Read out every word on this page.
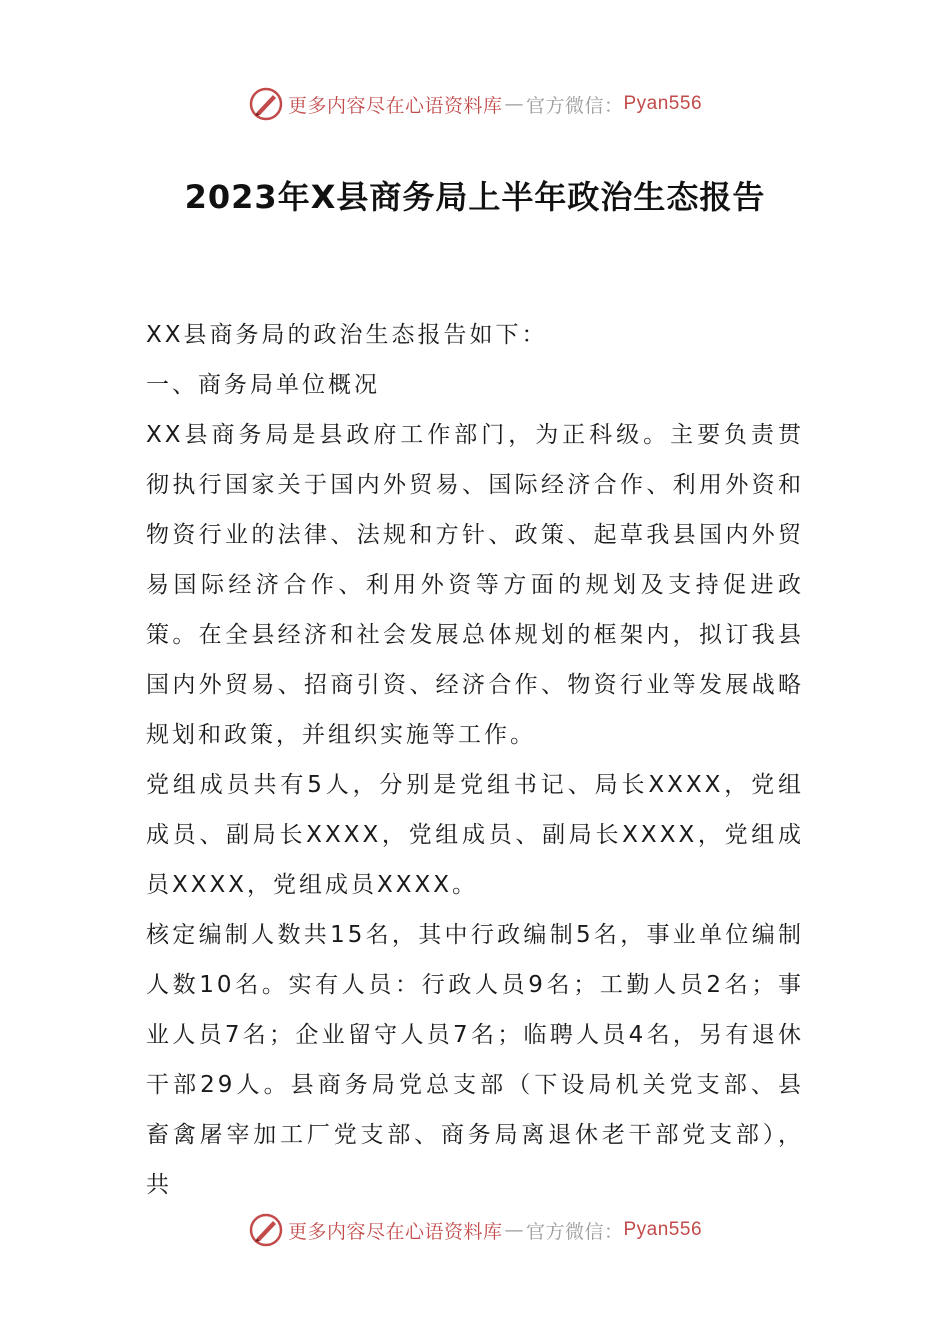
更多内容尽在心语资料库 — 官方微信： Pyan556
2023年X县商务局上半年政治生态报告

XX县商务局的政治生态报告如下：

一、商务局单位概况

XX县商务局是县政府工作部门，为正科级。主要负责贯彻执行国家关于国内外贸易、国际经济合作、利用外资和物资行业的法律、法规和方针、政策、起草我县国内外贸易国际经济合作、利用外资等方面的规划及支持促进政策。在全县经济和社会发展总体规划的框架内，拟订我县国内外贸易、招商引资、经济合作、物资行业等发展战略规划和政策，并组织实施等工作。

党组成员共有5人，分别是党组书记、局长XXXX，党组成员、副局长XXXX，党组成员、副局长XXXX，党组成员XXXX，党组成员XXXX。

核定编制人数共15名，其中行政编制5名，事业单位编制人数10名。实有人员：行政人员9名；工勤人员2名；事业人员7名；企业留守人员7名；临聘人员4名，另有退休干部29人。县商务局党总支部（下设局机关党支部、县畜禽屠宰加工厂党支部、商务局离退休老干部党支部），共

更多内容尽在心语资料库 — 官方微信： Pyan556
